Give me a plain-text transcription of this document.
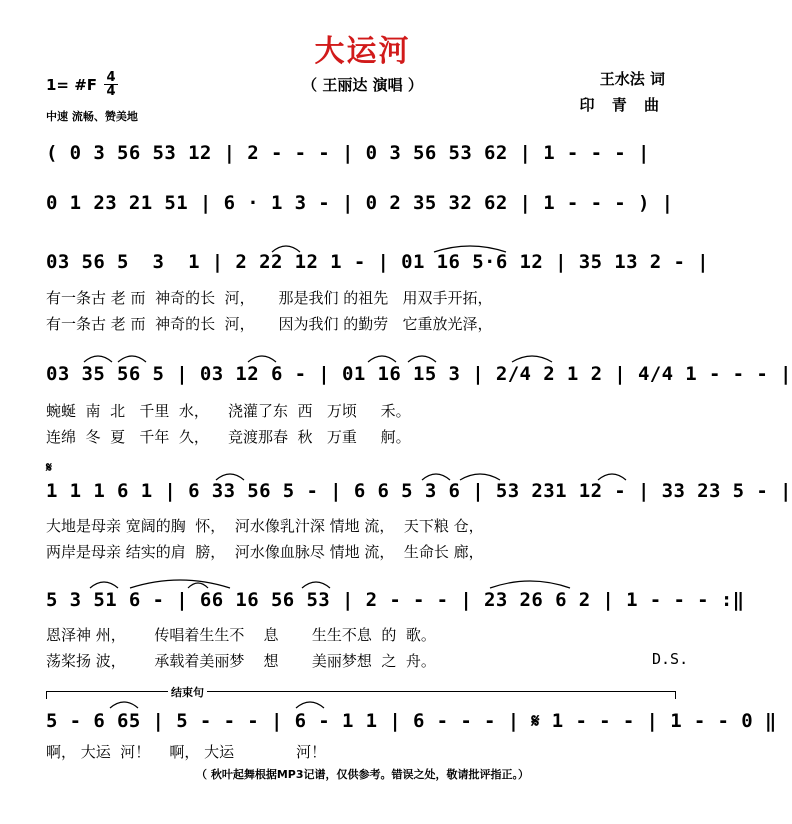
大运河
（ 王丽达 演唱 ）
1= #F 4
4
中速 流畅、赞美地
王水法 词
印 青 曲
( 0 3 56 53 12 | 2 - - - | 0 3 56 53 62 | 1 - - - |
0 1 23 21 51 | 6 · 1 3 - | 0 2 35 32 62 | 1 - - - ) |
03 56 5  3  1 | 2 22 12 1 - | 01 16 5·6 12 | 35 13 2 - |
03 35 56 5 | 03 12 6 - | 01 16 15 3 | 2/4 2 1 2 | 4/4 1 - - - |
𝄋
1 1 1 6 1 | 6 33 56 5 - | 6 6 5 3 6 | 53 231 12 - | 33 23 5 - |
5 3 51 6 - | 66 16 56 53 | 2 - - - | 23 26 6 2 | 1 - - - :‖
结束句
5 - 6 65 | 5 - - - | 6 - 1 1 | 6 - - - | 𝄋 1 - - - | 1 - - 0 ‖
有一条古 老 而  神奇的长  河，     那是我们 的祖先   用双手开拓，
有一条古 老 而  神奇的长  河，     因为我们 的勤劳   它重放光泽，
蜿蜒  南  北   千里  水，    浇灌了东  西   万顷     禾。
连绵  冬  夏   千年  久，    竞渡那春  秋   万重     舸。
大地是母亲 宽阔的胸  怀，  河水像乳汁深 情地 流，  天下粮 仓，
两岸是母亲 结实的肩  膀，  河水像血脉尽 情地 流，  生命长 廊，
恩泽神 州，      传唱着生生不    息       生生不息  的  歌。
荡桨扬 波，      承载着美丽梦    想       美丽梦想  之  舟。	D.S.
啊， 大运  河！    啊， 大运             河！
（ 秋叶起舞根据MP3记谱，仅供参考。错误之处，敬请批评指正。）
